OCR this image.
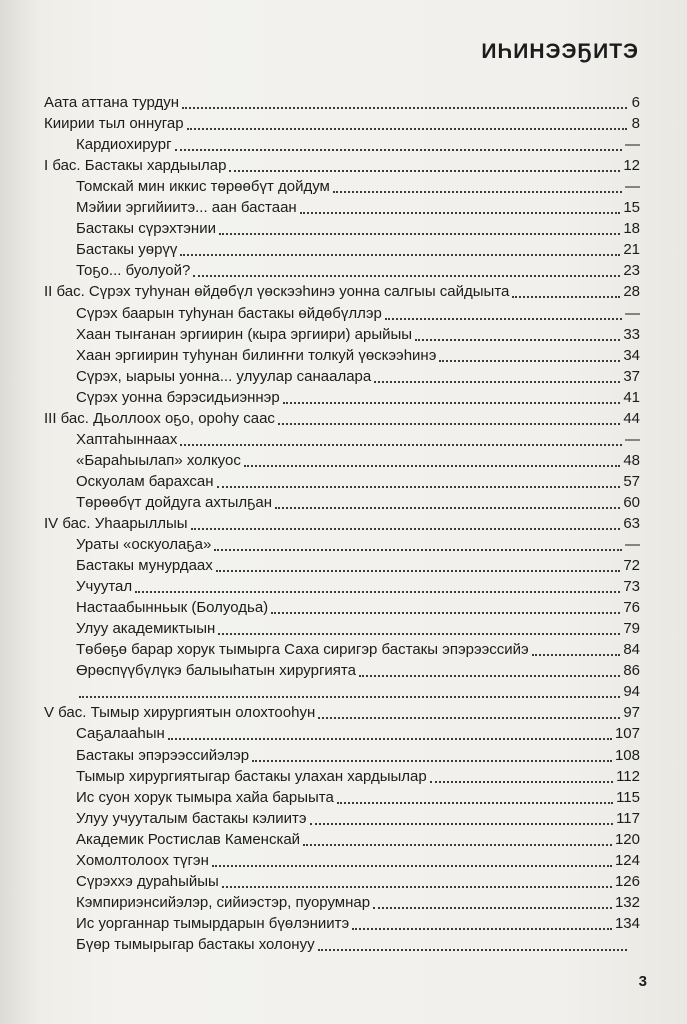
ИҺИНЭЭҔИТЭ
Аата аттанa турдун	6
Киирии тыл оннугар	8
Кардиохирург	—
I бас. Бастакы хардыылар	12
Томскай мин иккис төрөөбүт дойдум	—
Мэйии эргийиитэ... аан бастаан	15
Бастакы сүрэхтэнии	18
Бастакы уөрүү	21
Тоҕо... буолуой?	23
II бас. Сүрэх туһунан өйдөбүл үөскээһинэ уонна салгыы сайдыыта	28
Сүрэх баарын туһунан бастакы өйдөбүллэр	—
Хаан тыҥанан эргиирин (кыра эргиири) арыйыы	33
Хаан эргиирин туһунан билиҥҥи толкуй үөскээһинэ	34
Сүрэх, ыарыы уонна... улуулар санаалара	37
Сүрэх уонна бэрэсидьиэннэр	41
III бас. Дьоллоох оҕо, ороһу саас	44
Хаптаһыннаах	—
«Бараһыылап» холкуос	48
Оскуолам барахсан	57
Төрөөбүт дойдуга ахтылҕан	60
IV бас. Уһаарыллыы	63
Ураты «оскуолаҕа»	—
Бастакы мунурдаах	72
Учуутал	73
Настаабынньык (Болуодьа)	76
Улуу академиктыын	79
Төбөҕө барар хорук тымыргa Саха сиригэр бастакы эпэрээссийэ	84
Өрөспүүбүлүкэ балыыһатын хирургията	86
94
V бас. Тымыр хирургиятын олохтооһун	97
Саҕалааһын	107
Бастакы эпэрээссийэлэр	108
Тымыр хирургиятыгар бастакы улахан хардыылар	112
Ис суон хорук тымыра хайа барыыта	115
Улуу учууталым бастакы кэлиитэ	117
Академик Ростислав Каменскай	120
Хомолтолоох түгэн	124
Сүрэххэ дураһыйыы	126
Кэмпириэнсийэлэр, сийиэстэр, пуорумнар	132
Ис уорганнар тымырдарын бүөлэниитэ	134
Бүөр тымырыгар бастакы холонуу
3
